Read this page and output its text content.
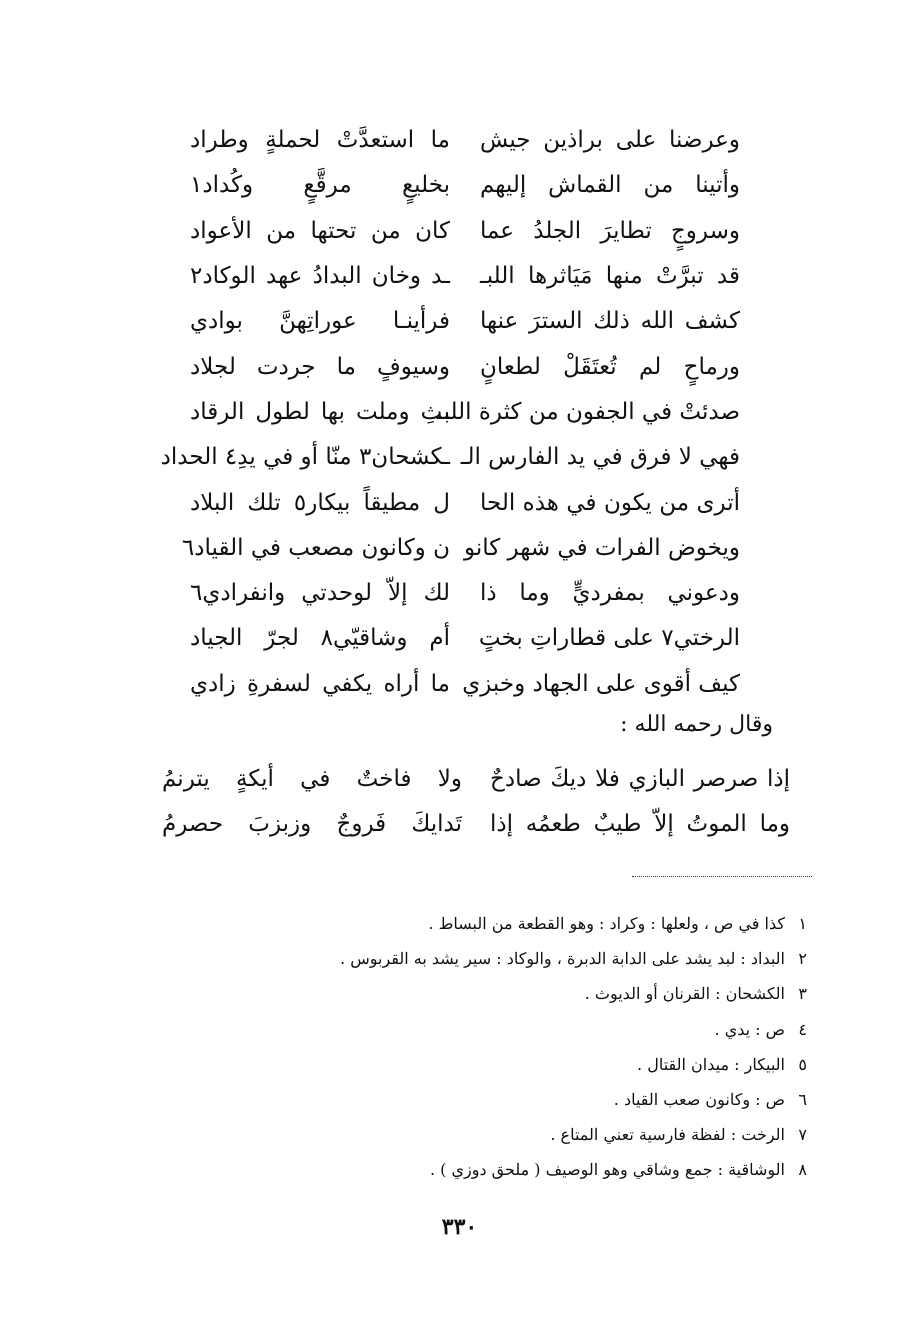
وعرضنا على براذين جيش
ما استعدَّتْ لحملةٍ وطراد
وأتينا من القماش إليهم
بخليعٍ مرقَّعٍ وكُداد١
وسروجٍ تطايرَ الجلدُ عما
كان من تحتها من الأعواد
قد تبرَّتْ منها مَيَاثرها اللبـ
ـد وخان البدادُ عهد الوكاد٢
كشف الله ذلك السترَ عنها
فرأينـا عوراتِهنَّ بوادي
ورماحٍ لم تُعتَقَلْ لطعانٍ
وسيوفٍ ما جردت لجلاد
صدئتْ في الجفون من كثرة اللبـ
ـثِ وملت بها لطول الرقاد
فهي لا فرق في يد الفارس الـ
ـكشحان٣ منّا أو في يدِ٤ الحداد
أترى من يكون في هذه الحا
ل مطيقاً بيكار٥ تلك البلاد
ويخوض الفرات في شهر كانو
ن وكانون مصعب في القياد٦
ودعوني بمفرديٍّ وما ذا
لك إلاّ لوحدتي وانفرادي٦
الرختي٧ على قطاراتِ بختٍ
أم وشاقيّي٨ لجرّ الجياد
كيف أقوى على الجهاد وخبزي
ما أراه يكفي لسفرةِ زادي
وقال رحمه الله :
إذا صرصر البازي فلا ديكَ صادحٌ
ولا فاختٌ في أيكةٍ يترنمُ
وما الموتُ إلاّ طيبٌ طعمُه إذا
تَدايكَ فَروجٌ وزبزبَ حصرمُ
١
كذا في ص ، ولعلها : وكراد : وهو القطعة من البساط .
٢
البداد : لبد يشد على الدابة الدبرة ، والوكاد : سير يشد به القربوس .
٣
الكشحان : القرنان أو الديوث .
٤
ص : يدي .
٥
البيكار : ميدان القتال .
٦
ص : وكانون صعب القياد .
٧
الرخت : لفظة فارسية تعني المتاع .
٨
الوشاقية : جمع وشاقي وهو الوصيف ( ملحق دوزي ) .
٣٣٠
